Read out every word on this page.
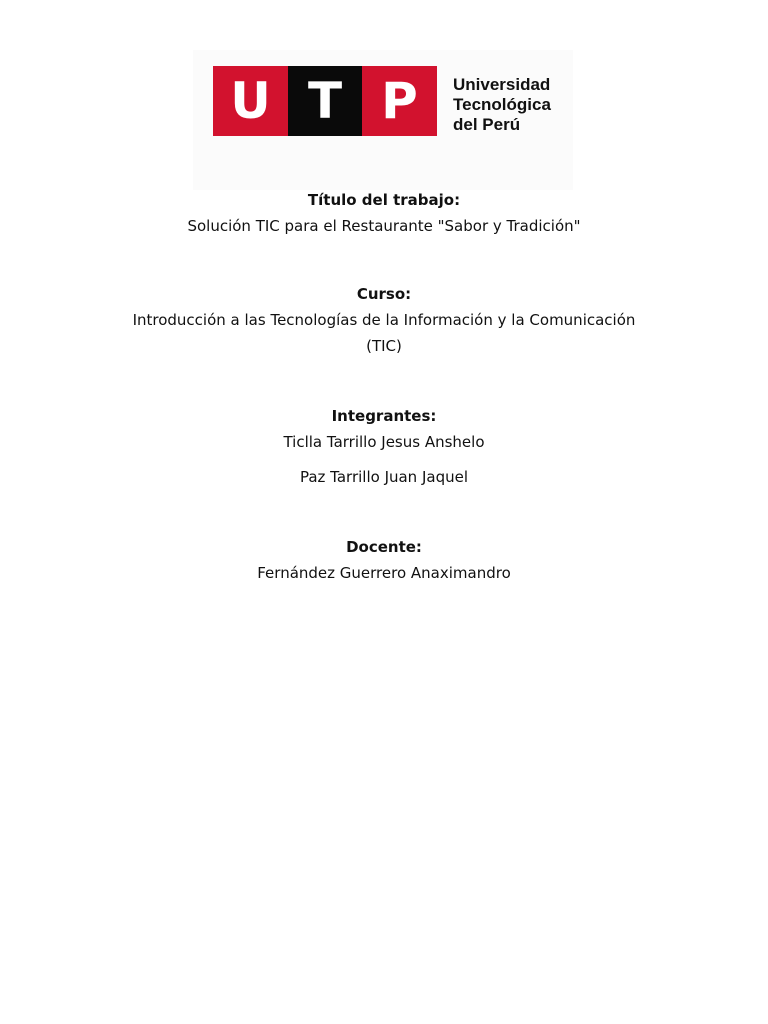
U T P	Universidad
Tecnológica
del Perú
Título del trabajo:
Solución TIC para el Restaurante "Sabor y Tradición"
Curso:
Introducción a las Tecnologías de la Información y la Comunicación
(TIC)
Integrantes:
Ticlla Tarrillo Jesus Anshelo
Paz Tarrillo Juan Jaquel
Docente:
Fernández Guerrero Anaximandro
